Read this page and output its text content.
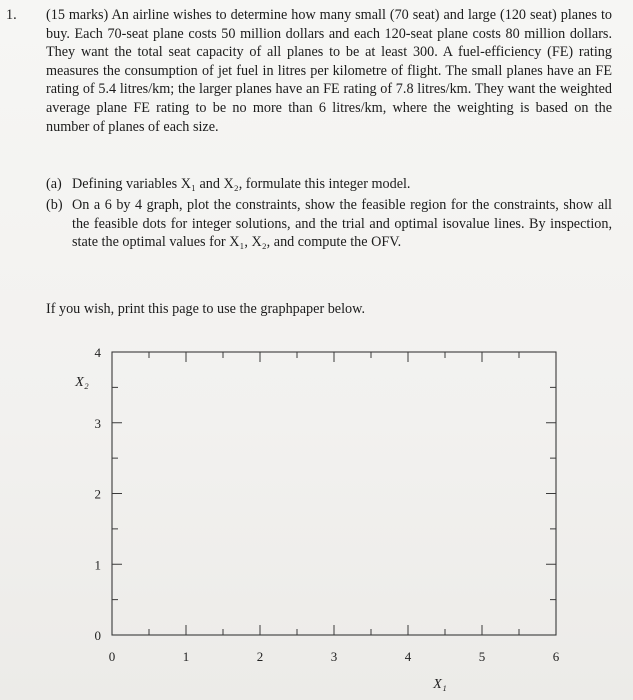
1. (15 marks) An airline wishes to determine how many small (70 seat) and large (120 seat) planes to buy. Each 70-seat plane costs 50 million dollars and each 120-seat plane costs 80 million dollars. They want the total seat capacity of all planes to be at least 300. A fuel-efficiency (FE) rating measures the consumption of jet fuel in litres per kilometre of flight. The small planes have an FE rating of 5.4 litres/km; the larger planes have an FE rating of 7.8 litres/km. They want the weighted average plane FE rating to be no more than 6 litres/km, where the weighting is based on the number of planes of each size.
(a) Defining variables X₁ and X₂, formulate this integer model.
(b) On a 6 by 4 graph, plot the constraints, show the feasible region for the constraints, show all the feasible dots for integer solutions, and the trial and optimal isovalue lines. By inspection, state the optimal values for X₁, X₂, and compute the OFV.
If you wish, print this page to use the graphpaper below.
0	1	2	3	4	5	6
0
1
2
3
4
X₁
X₂
